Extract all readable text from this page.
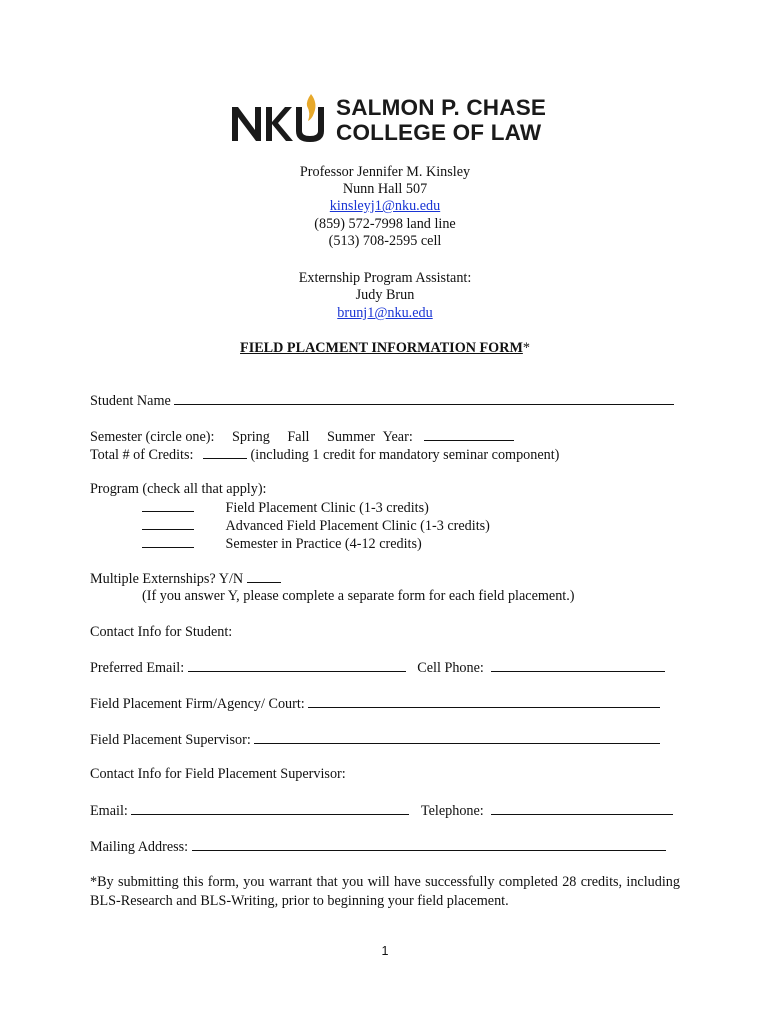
SALMON P. CHASE
COLLEGE OF LAW
Professor Jennifer M. Kinsley
Nunn Hall 507
kinsleyj1@nku.edu
(859) 572-7998 land line
(513) 708-2595 cell
Externship Program Assistant:
Judy Brun
brunj1@nku.edu
FIELD PLACMENT INFORMATION FORM*
Student Name
Semester (circle one): Spring Fall Summer Year:
Total # of Credits:	(including 1 credit for mandatory seminar component)
Program (check all that apply):
Field Placement Clinic (1-3 credits)
Advanced Field Placement Clinic (1-3 credits)
Semester in Practice (4-12 credits)
Multiple Externships? Y/N
(If you answer Y, please complete a separate form for each field placement.)
Contact Info for Student:
Preferred Email:	Cell Phone:
Field Placement Firm/Agency/ Court:
Field Placement Supervisor:
Contact Info for Field Placement Supervisor:
Email:	Telephone:
Mailing Address:
*By submitting this form, you warrant that you will have successfully completed 28 credits, including BLS-Research and BLS-Writing, prior to beginning your field placement.
1
